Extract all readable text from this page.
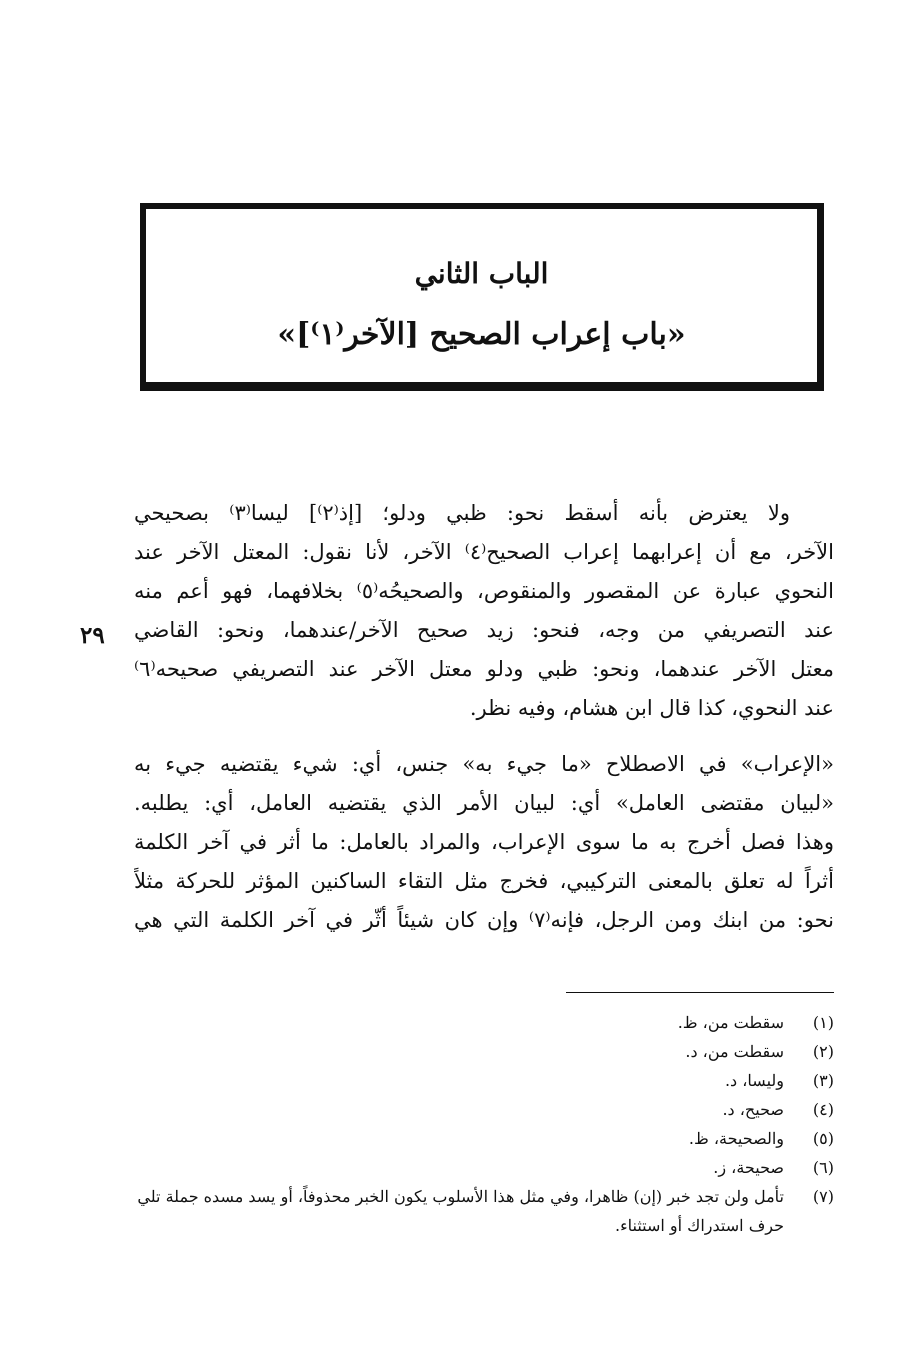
الباب الثاني
«باب إعراب الصحيح [الآخر⁽١⁾]»
٢٩
ولا يعترض بأنه أسقط نحو: ظبي ودلو؛ [إذ⁽٢⁾] ليسا⁽٣⁾ بصحيحي
الآخر، مع أن إعرابهما إعراب الصحيح⁽٤⁾ الآخر، لأنا نقول: المعتل الآخر عند
النحوي عبارة عن المقصور والمنقوص، والصحيحُه⁽٥⁾ بخلافهما، فهو أعم منه
عند التصريفي من وجه، فنحو: زيد صحيح الآخر/عندهما، ونحو: القاضي
معتل الآخر عندهما، ونحو: ظبي ودلو معتل الآخر عند التصريفي صحيحه⁽٦⁾
عند النحوي، كذا قال ابن هشام، وفيه نظر.
«الإعراب» في الاصطلاح «ما جيء به» جنس، أي: شيء يقتضيه جيء به
«لبيان مقتضى العامل» أي: لبيان الأمر الذي يقتضيه العامل، أي: يطلبه.
وهذا فصل أخرج به ما سوى الإعراب، والمراد بالعامل: ما أثر في آخر الكلمة
أثراً له تعلق بالمعنى التركيبي، فخرج مثل التقاء الساكنين المؤثر للحركة مثلاً
نحو: من ابنك ومن الرجل، فإنه⁽٧⁾ وإن كان شيئاً أثّر في آخر الكلمة التي هي
(١)
سقطت من، ظ.
(٢)
سقطت من، د.
(٣)
وليسا، د.
(٤)
صحيح، د.
(٥)
والصحيحة، ظ.
(٦)
صحيحة، ز.
(٧)
تأمل ولن تجد خبر (إن) ظاهرا، وفي مثل هذا الأسلوب يكون الخبر محذوفاً، أو يسد مسده جملة تلي حرف استدراك أو استثناء.
